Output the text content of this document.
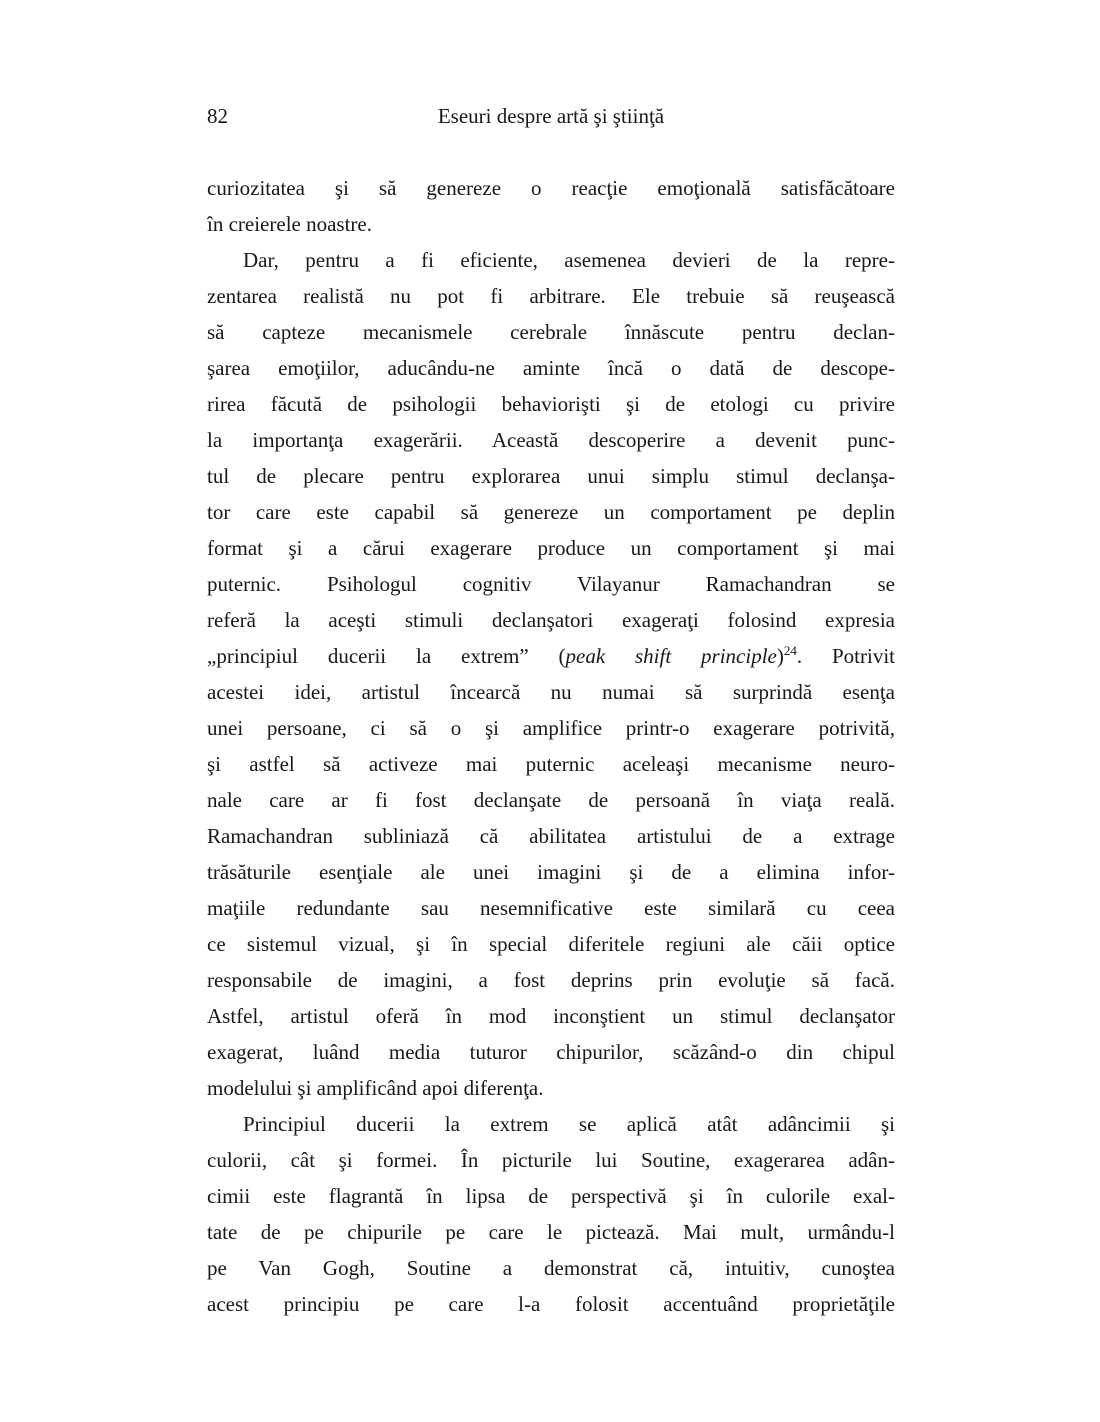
82	Eseuri despre artă şi ştiinţă
curiozitatea şi să genereze o reacţie emoţională satisfăcătoare
în creierele noastre.
Dar, pentru a fi eficiente, asemenea devieri de la repre-
zentarea realistă nu pot fi arbitrare. Ele trebuie să reuşească
să capteze mecanismele cerebrale înnăscute pentru declan-
şarea emoţiilor, aducându-ne aminte încă o dată de descope-
rirea făcută de psihologii behaviorişti şi de etologi cu privire
la importanţa exagerării. Această descoperire a devenit punc-
tul de plecare pentru explorarea unui simplu stimul declanşa-
tor care este capabil să genereze un comportament pe deplin
format şi a cărui exagerare produce un comportament şi mai
puternic. Psihologul cognitiv Vilayanur Ramachandran se
referă la aceşti stimuli declanşatori exageraţi folosind expresia
„principiul ducerii la extrem” (peak shift principle)$^{24}$. Potrivit
acestei idei, artistul încearcă nu numai să surprindă esenţa
unei persoane, ci să o şi amplifice printr-o exagerare potrivită,
şi astfel să activeze mai puternic aceleaşi mecanisme neuro-
nale care ar fi fost declanşate de persoană în viaţa reală.
Ramachandran subliniază că abilitatea artistului de a extrage
trăsăturile esenţiale ale unei imagini şi de a elimina infor-
maţiile redundante sau nesemnificative este similară cu ceea
ce sistemul vizual, şi în special diferitele regiuni ale căii optice
responsabile de imagini, a fost deprins prin evoluţie să facă.
Astfel, artistul oferă în mod inconştient un stimul declanşator
exagerat, luând media tuturor chipurilor, scăzând-o din chipul
modelului şi amplificând apoi diferenţa.
Principiul ducerii la extrem se aplică atât adâncimii şi
culorii, cât şi formei. În picturile lui Soutine, exagerarea adân-
cimii este flagrantă în lipsa de perspectivă şi în culorile exal-
tate de pe chipurile pe care le pictează. Mai mult, urmându-l
pe Van Gogh, Soutine a demonstrat că, intuitiv, cunoştea
acest principiu pe care l-a folosit accentuând proprietăţile
